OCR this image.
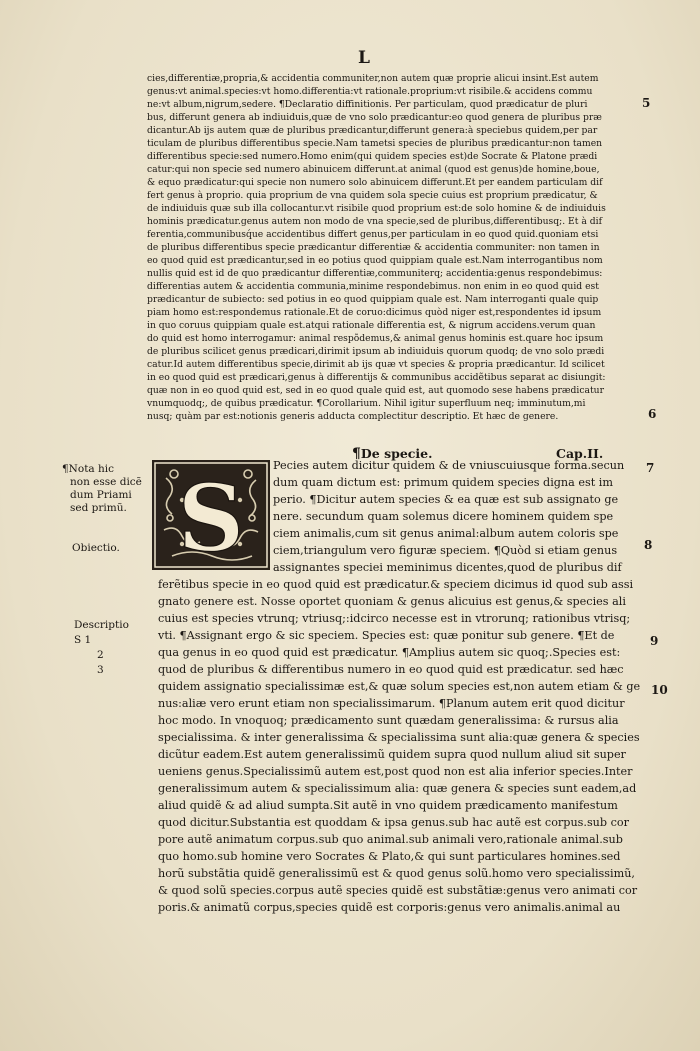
L
cies,differentiæ,propria,& accidentia communiter,non autem quæ proprie alicui insint.Est autem
genus:vt animal.species:vt homo.differentia:vt rationale.proprium:vt risibile.& accidens commu
ne:vt album,nigrum,sedere. ¶Declaratio diffinitionis. Per particulam, quod prædicatur de pluri
bus, differunt genera ab indiuiduis,quæ de vno solo prædicantur:eo quod genera de pluribus præ
dicantur.Ab ijs autem quæ de pluribus prædicantur,differunt genera:à speciebus quidem,per par
ticulam de pluribus differentibus specie.Nam tametsi species de pluribus prædicantur:non tamen
differentibus specie:sed numero.Homo enim(qui quidem species est)de Socrate & Platone prædi
catur:qui non specie sed numero abinuicem differunt.at animal (quod est genus)de homine,boue,
& equo prædicatur:qui specie non numero solo abinuicem differunt.Et per eandem particulam dif
fert genus à proprio. quia proprium de vna quidem sola specie cuius est proprium prædicatur, &
de indiuiduis quæ sub illa collocantur.vt risibile quod proprium est:de solo homine & de indiuiduis
hominis prædicatur.genus autem non modo de vna specie,sed de pluribus,differentibusq;. Et à dif
ferentia,communibusq́ue accidentibus differt genus,per particulam in eo quod quid.quoniam etsi
de pluribus differentibus specie prædicantur differentiæ & accidentia communiter: non tamen in
eo quod quid est prædicantur,sed in eo potius quod quippiam quale est.Nam interrogantibus nom
nullis quid est id de quo prædicantur differentiæ,communiterq; accidentia:genus respondebimus:
differentias autem & accidentia communia,minime respondebimus. non enim in eo quod quid est
prædicantur de subiecto: sed potius in eo quod quippiam quale est. Nam interroganti quale quip
piam homo est:respondemus rationale.Et de coruo:dicimus quòd niger est,respondentes id ipsum
in quo coruus quippiam quale est.atqui rationale differentia est, & nigrum accidens.verum quan
do quid est homo interrogamur: animal respõdemus,& animal genus hominis est.quare hoc ipsum
de pluribus scilicet genus prædicari,dirimit ipsum ab indiuiduis quorum quodq; de vno solo prædi
catur.Id autem differentibus specie,dirimit ab ijs quæ vt species & propria prædicantur. Id scilicet
in eo quod quid est prædicari,genus à differentijs & communibus accidẽtibus separat ac disiungit:
quæ non in eo quod quid est, sed in eo quod quale quid est, aut quomodo sese habens prædicatur
vnumquodq;, de quibus prædicatur. ¶Corollarium. Nihil igitur superfluum neq; imminutum,mi
nusq; quàm par est:notionis generis adducta complectitur descriptio. Et hæc de genere.
¶De specie.	Cap.II.
S	Pecies autem dicitur quidem & de vniuscuiusque forma.secun
dum quam dictum est: primum quidem species digna est im
perio. ¶Dicitur autem species & ea quæ est sub assignato ge
nere. secundum quam solemus dicere hominem quidem spe
ciem animalis,cum sit genus animal:album autem coloris spe
ciem,triangulum vero figuræ speciem. ¶Quòd si etiam genus
assignantes speciei meminimus dicentes,quod de pluribus dif
ferẽtibus specie in eo quod quid est prædicatur.& speciem dicimus id quod sub assi
gnato genere est. Nosse oportet quoniam & genus alicuius est genus,& species ali
cuius est species vtrunq; vtriusq;:idcirco necesse est in vtrorunq; rationibus vtrisq;
vti. ¶Assignant ergo & sic speciem. Species est: quæ ponitur sub genere. ¶Et de
qua genus in eo quod quid est prædicatur. ¶Amplius autem sic quoq;.Species est:
quod de pluribus & differentibus numero in eo quod quid est prædicatur. sed hæc
quidem assignatio specialissimæ est,& quæ solum species est,non autem etiam & ge
nus:aliæ vero erunt etiam non specialissimarum. ¶Planum autem erit quod dicitur
hoc modo. In vnoquoq; prædicamento sunt quædam generalissima: & rursus alia
specialissima. & inter generalissima & specialissima sunt alia:quæ genera & species
dicũtur eadem.Est autem generalissimũ quidem supra quod nullum aliud sit super
ueniens genus.Specialissimũ autem est,post quod non est alia inferior species.Inter
generalissimum autem & specialissimum alia: quæ genera & species sunt eadem,ad
aliud quidẽ & ad aliud sumpta.Sit autẽ in vno quidem prædicamento manifestum
quod dicitur.Substantia est quoddam & ipsa genus.sub hac autẽ est corpus.sub cor
pore autẽ animatum corpus.sub quo animal.sub animali vero,rationale animal.sub
quo homo.sub homine vero Socrates & Plato,& qui sunt particulares homines.sed
horũ substãtia quidẽ generalissimũ est & quod genus solũ.homo vero specialissimũ,
& quod solũ species.corpus autẽ species quidẽ est substãtiæ:genus vero animati cor
poris.& animatũ corpus,species quidẽ est corporis:genus vero animalis.animal au
5
6
7
8
9
10
¶Nota hic
non esse dicẽ
dum Priami
sed primũ.
Obiectio.
Descriptio
S 1
2
3
